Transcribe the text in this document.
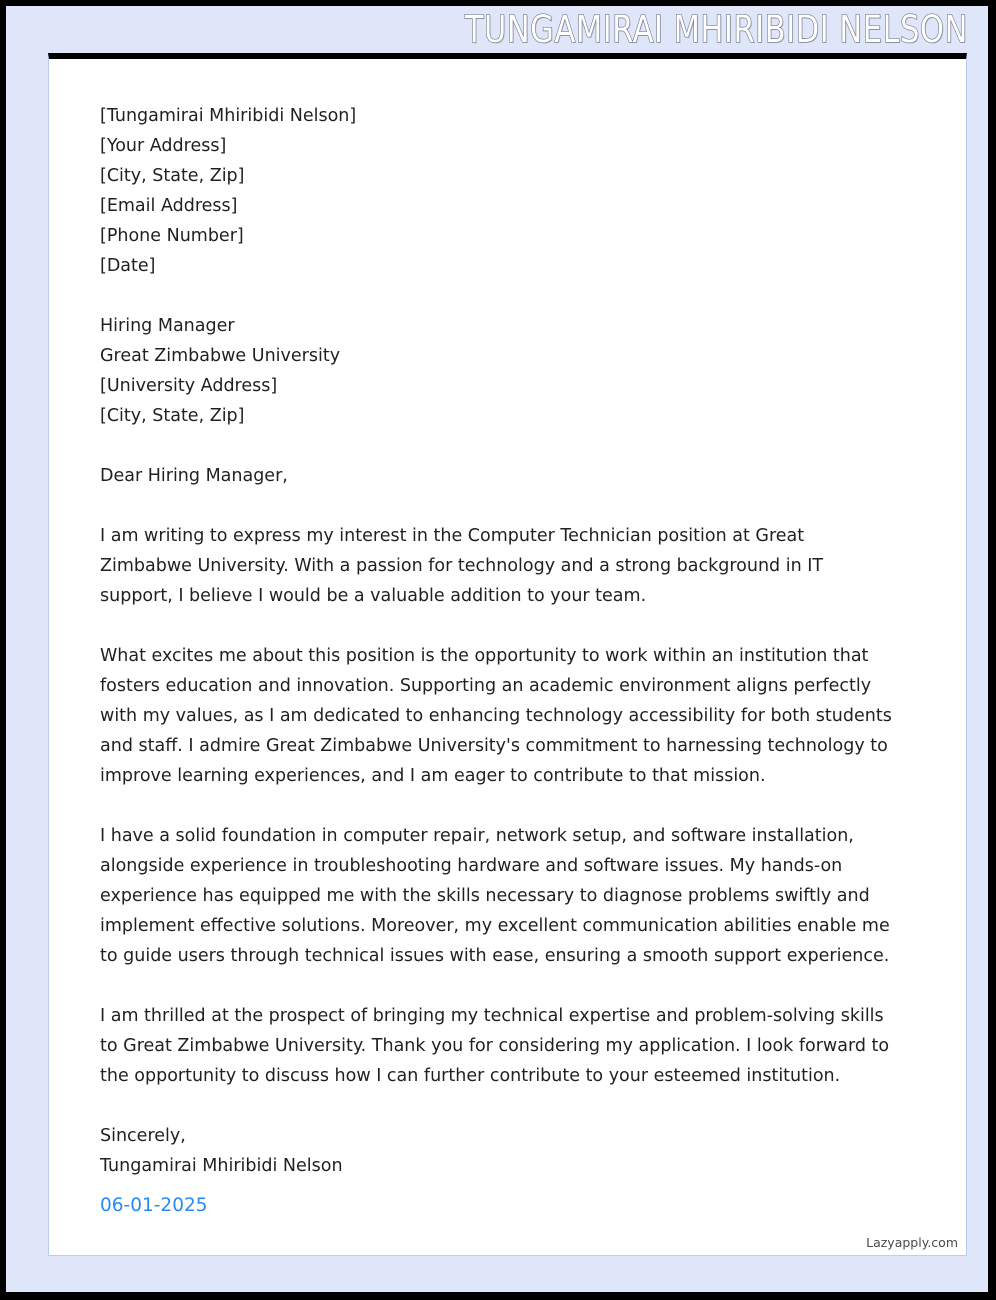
TUNGAMIRAI MHIRIBIDI NELSON
[Tungamirai Mhiribidi Nelson]
[Your Address]
[City, State, Zip]
[Email Address]
[Phone Number]
[Date]
Hiring Manager
Great Zimbabwe University
[University Address]
[City, State, Zip]
Dear Hiring Manager,

I am writing to express my interest in the Computer Technician position at Great Zimbabwe University. With a passion for technology and a strong background in IT support, I believe I would be a valuable addition to your team.

What excites me about this position is the opportunity to work within an institution that fosters education and innovation. Supporting an academic environment aligns perfectly with my values, as I am dedicated to enhancing technology accessibility for both students and staff. I admire Great Zimbabwe University's commitment to harnessing technology to improve learning experiences, and I am eager to contribute to that mission.

I have a solid foundation in computer repair, network setup, and software installation, alongside experience in troubleshooting hardware and software issues. My hands-on experience has equipped me with the skills necessary to diagnose problems swiftly and implement effective solutions. Moreover, my excellent communication abilities enable me to guide users through technical issues with ease, ensuring a smooth support experience.

I am thrilled at the prospect of bringing my technical expertise and problem-solving skills to Great Zimbabwe University. Thank you for considering my application. I look forward to the opportunity to discuss how I can further contribute to your esteemed institution.

Sincerely,
Tungamirai Mhiribidi Nelson
06-01-2025
Lazyapply.com
